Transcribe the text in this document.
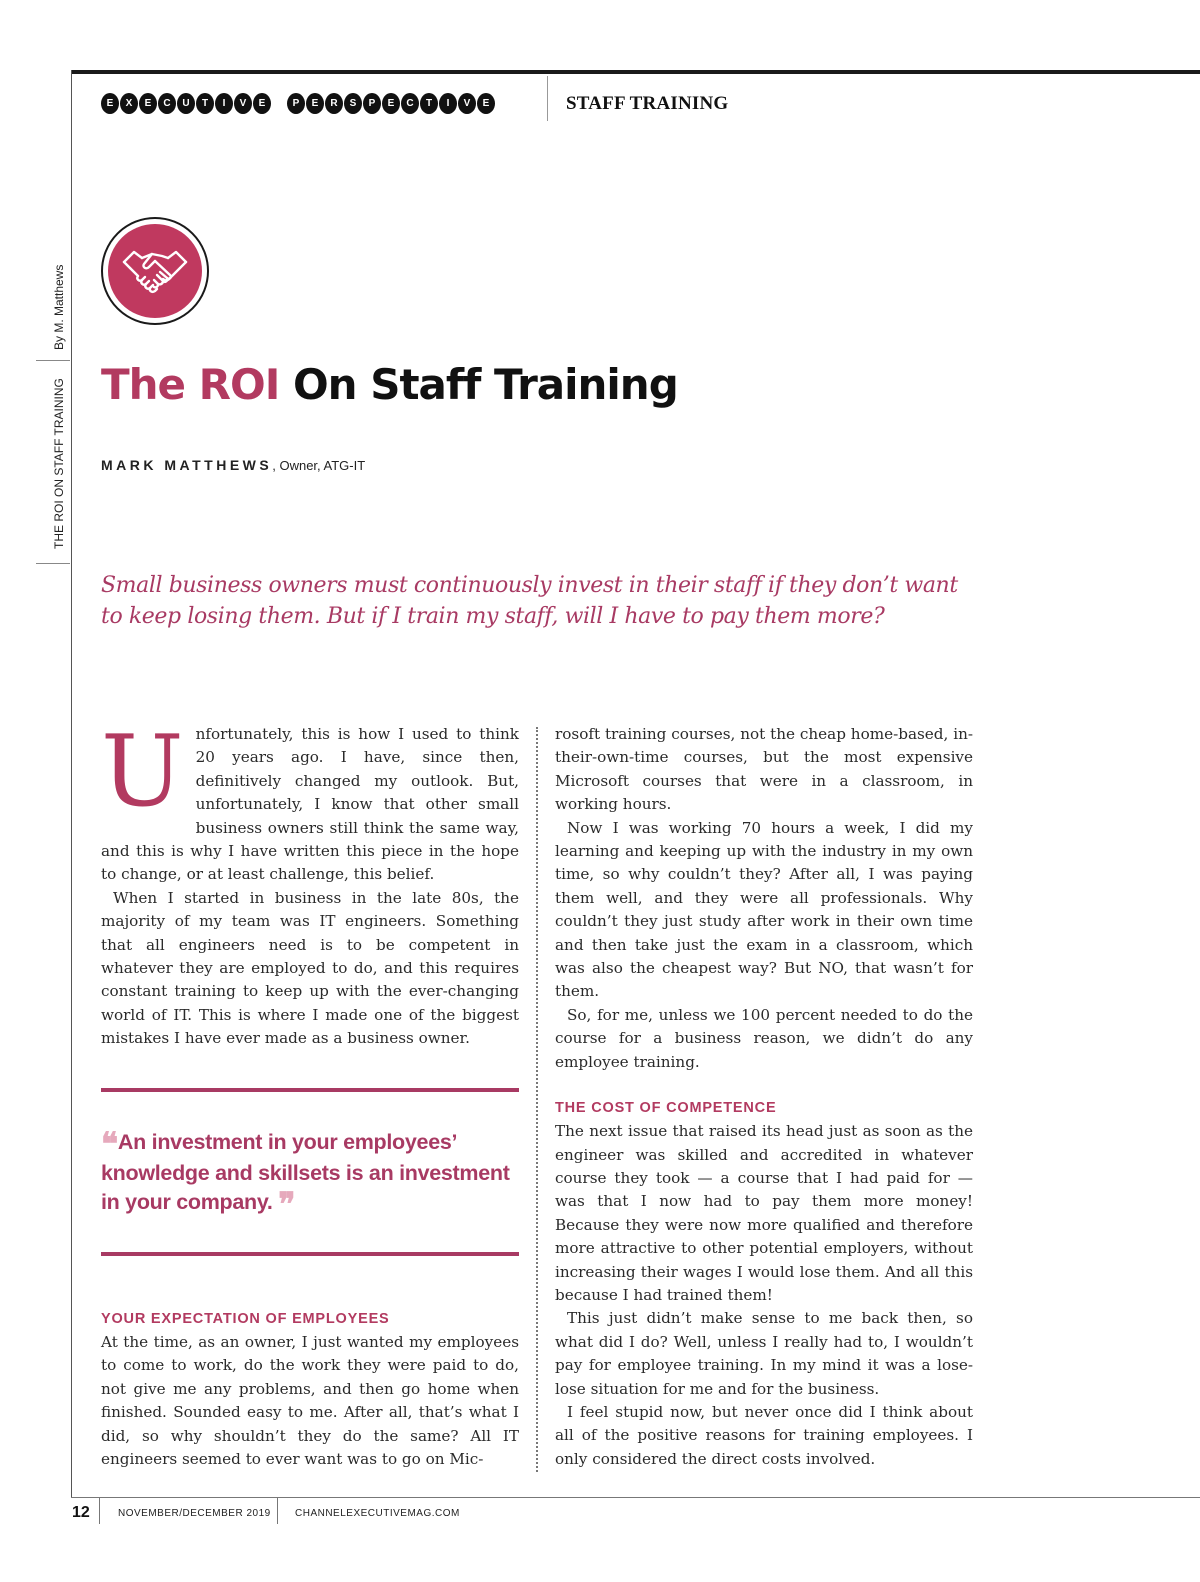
E	X	E	C	U	T	I	V	E	P	E	R	S	P	E	C	T	I	V	E	STAFF TRAINING
By M. Matthews
THE ROI ON STAFF TRAINING The ROI On Staff Training
MARK MATTHEWS, Owner, ATG-IT

Small business owners must continuously invest in their staff if they don’t want to keep losing them. But if I train my staff, will I have to pay them more?

U nfortunately, this is how I used to think 20 years ago. I have, since then, definitively changed my outlook. But, unfortunately, I know that other small business owners still think the same way, and this is why I have written this piece in the hope to change, or at least challenge, this belief.

When I started in business in the late 80s, the majority of my team was IT engineers. Something that all engineers need is to be competent in whatever they are employed to do, and this requires constant training to keep up with the ever-changing world of IT. This is where I made one of the biggest mistakes I have ever made as a business owner.

❝An investment in your employees’ knowledge and skillsets is an investment in your company. ❞
YOUR EXPECTATION OF EMPLOYEES

At the time, as an owner, I just wanted my employees to come to work, do the work they were paid to do, not give me any problems, and then go home when finished. Sounded easy to me. After all, that’s what I did, so why shouldn’t they do the same? All IT engineers seemed to ever want was to go on Mic-

rosoft training courses, not the cheap home-based, in-their-own-time courses, but the most expensive Microsoft courses that were in a classroom, in working hours.

Now I was working 70 hours a week, I did my learning and keeping up with the industry in my own time, so why couldn’t they? After all, I was paying them well, and they were all professionals. Why couldn’t they just study after work in their own time and then take just the exam in a classroom, which was also the cheapest way? But NO, that wasn’t for them.

So, for me, unless we 100 percent needed to do the course for a business reason, we didn’t do any employee training.

THE COST OF COMPETENCE

The next issue that raised its head just as soon as the engineer was skilled and accredited in whatever course they took — a course that I had paid for — was that I now had to pay them more money! Because they were now more qualified and therefore more attractive to other potential employers, without increasing their wages I would lose them. And all this because I had trained them!

This just didn’t make sense to me back then, so what did I do? Well, unless I really had to, I wouldn’t pay for employee training. In my mind it was a lose-lose situation for me and for the business.

I feel stupid now, but never once did I think about all of the positive reasons for training employees. I only considered the direct costs involved.

12	NOVEMBER/DECEMBER 2019 CHANNELEXECUTIVEMAG.COM
